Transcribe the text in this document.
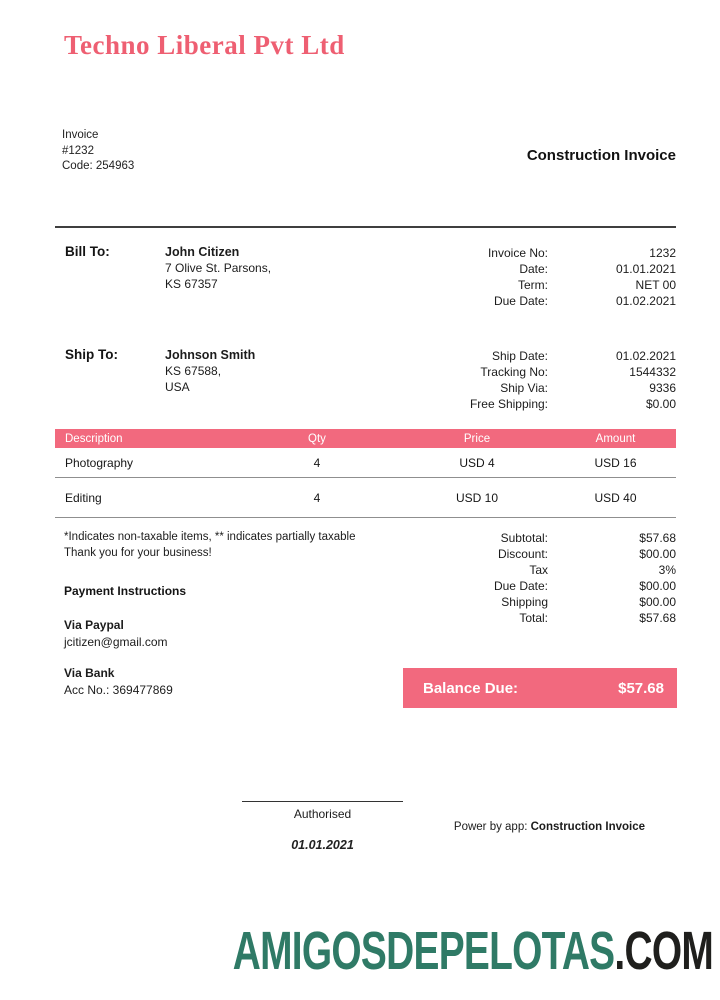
Techno Liberal Pvt Ltd
Invoice
#1232
Code: 254963
Construction Invoice
Bill To:	John Citizen
7 Olive St. Parsons,
KS 67357
Invoice No:	1232
Date:	01.01.2021
Term:	NET 00
Due Date:	01.02.2021
Ship To:	Johnson Smith
KS 67588,
USA
Ship Date:	01.02.2021
Tracking No:	1544332
Ship Via:	9336
Free Shipping:	$0.00
Description	Qty	Price	Amount
Photography	4	USD 4	USD 16
Editing	4	USD 10	USD 40
*Indicates non-taxable items, ** indicates partially taxable
Thank you for your business!
Payment Instructions
Via Paypal
jcitizen@gmail.com
Via Bank
Acc No.: 369477869
Subtotal:	$57.68
Discount:	$00.00
Tax	3%
Due Date:	$00.00
Shipping	$00.00
Total:	$57.68
Balance Due:	$57.68
Authorised
01.01.2021
Power by app: Construction Invoice
AMIGOSDEPELOTAS.COM
